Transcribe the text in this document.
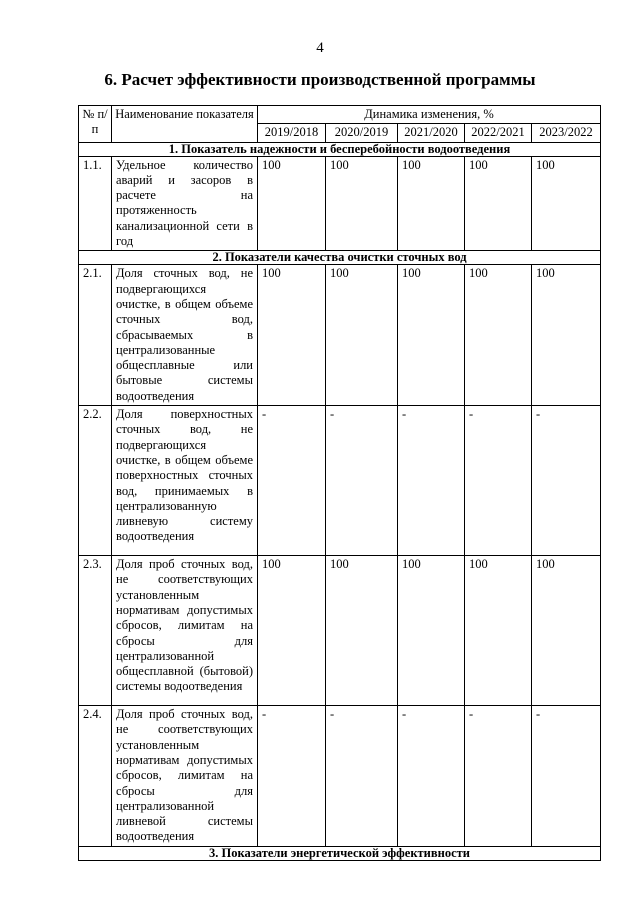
4
6. Расчет эффективности производственной программы
№ п/п	Наименование показателя	Динамика изменения, %				
		2019/2018	2020/2019	2021/2020	2022/2021	2023/2022
1. Показатель надежности и бесперебойности водоотведения						
1.1.	Удельное количество аварий и засоров в расчете на протяженность канализационной сети в год	100	100	100	100	100
2. Показатели качества очистки сточных вод						
2.1.	Доля сточных вод, не подвергающихся очистке, в общем объеме сточных вод, сбрасываемых в централизованные общесплавные или бытовые системы водоотведения	100	100	100	100	100
2.2.	Доля поверхностных сточных вод, не подвергающихся очистке, в общем объеме поверхностных сточных вод, принимаемых в централизованную ливневую систему водоотведения	-	-	-	-	-
2.3.	Доля проб сточных вод, не соответствующих установленным нормативам допустимых сбросов, лимитам на сбросы для централизованной общесплавной (бытовой) системы водоотведения	100	100	100	100	100
2.4.	Доля проб сточных вод, не соответствующих установленным нормативам допустимых сбросов, лимитам на сбросы для централизованной ливневой системы водоотведения	-	-	-	-	-
3. Показатели энергетической эффективности						
